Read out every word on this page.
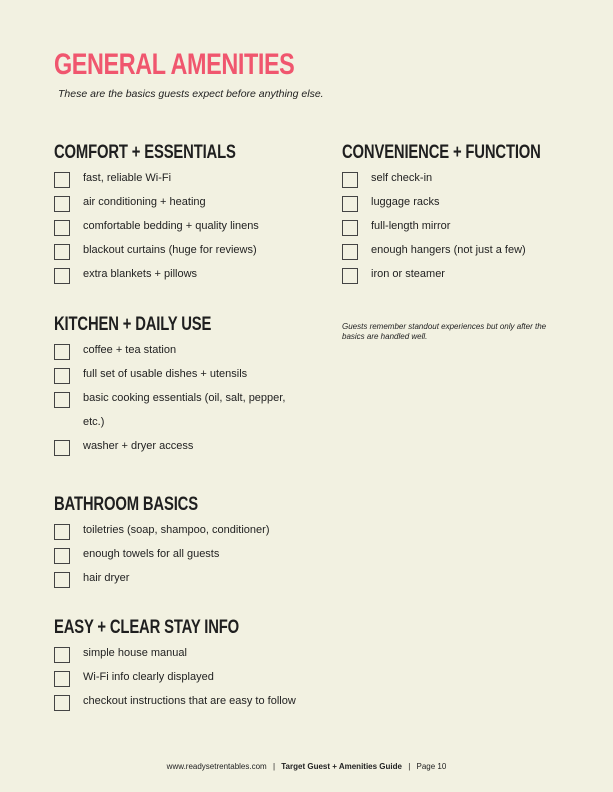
GENERAL AMENITIES
These are the basics guests expect before anything else.
COMFORT + ESSENTIALS
fast, reliable Wi-Fi
air conditioning + heating
comfortable bedding + quality linens
blackout curtains (huge for reviews)
extra blankets + pillows
CONVENIENCE + FUNCTION
self check-in
luggage racks
full-length mirror
enough hangers (not just a few)
iron or steamer
Guests remember standout experiences but only after the basics are handled well.
KITCHEN + DAILY USE
coffee + tea station
full set of usable dishes + utensils
basic cooking essentials (oil, salt, pepper, etc.)
washer + dryer access
BATHROOM BASICS
toiletries (soap, shampoo, conditioner)
enough towels for all guests
hair dryer
EASY + CLEAR STAY INFO
simple house manual
Wi-Fi info clearly displayed
checkout instructions that are easy to follow
www.readysetrentables.com | Target Guest + Amenities Guide | Page 10
